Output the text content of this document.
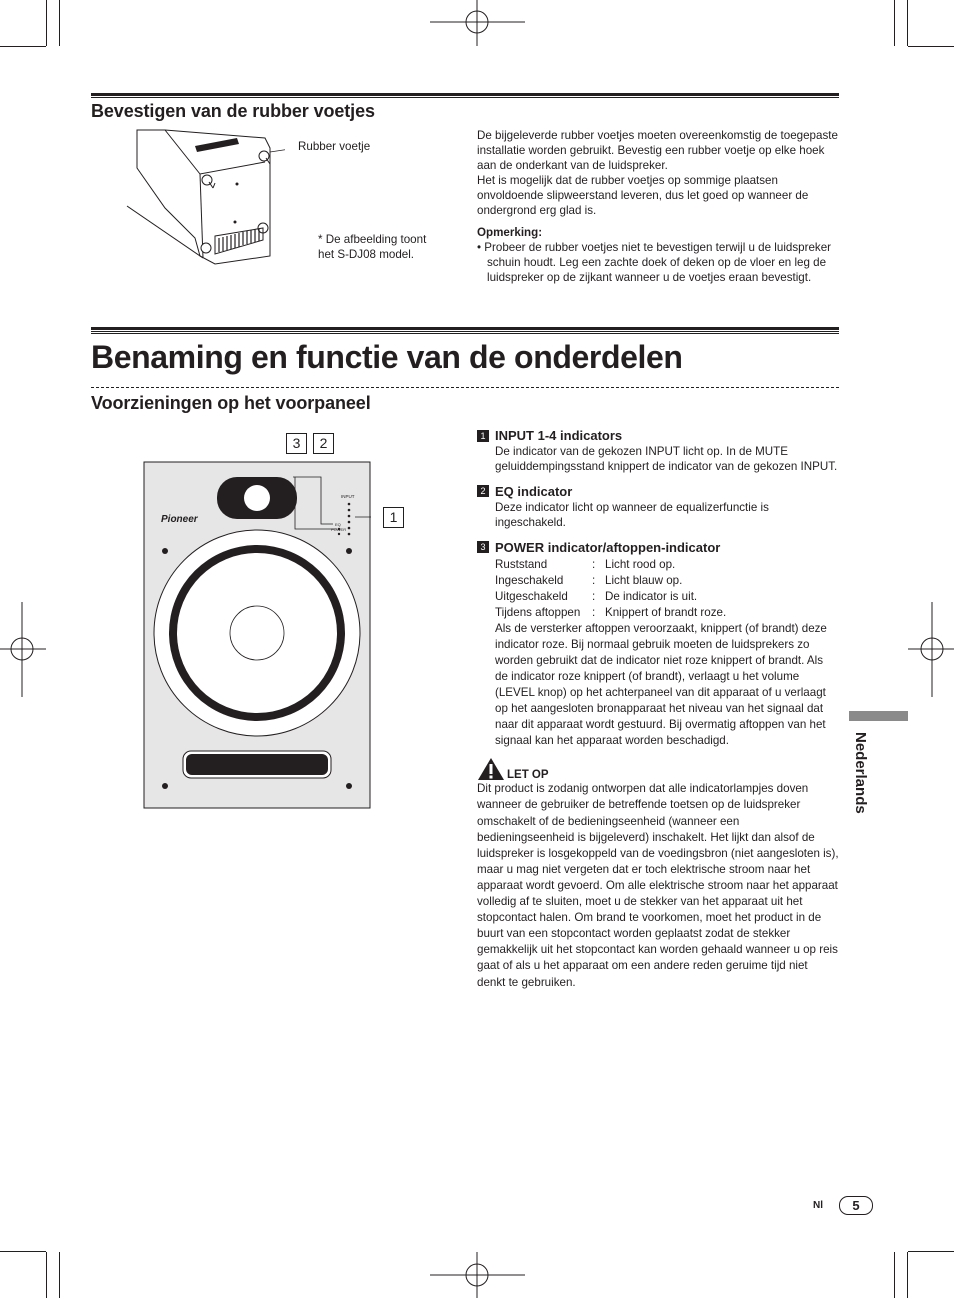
Bevestigen van de rubber voetjes
Rubber voetje
* De afbeelding toont
het S-DJ08 model.

De bijgeleverde rubber voetjes moeten overeenkomstig de toegepaste installatie worden gebruikt. Bevestig een rubber voetje op elke hoek aan de onderkant van de luidspreker.

Het is mogelijk dat de rubber voetjes op sommige plaatsen onvoldoende slipweerstand leveren, dus let goed op wanneer de ondergrond erg glad is.

Opmerking:

• Probeer de rubber voetjes niet te bevestigen terwijl u de luidspreker schuin houdt. Leg een zachte doek of deken op de vloer en leg de luidspreker op de zijkant wanneer u de voetjes eraan bevestigt.

Benaming en functie van de onderdelen
Voorzieningen op het voorpaneel
Pioneer
INPUT
EQ
POWER
3	2
1
1 INPUT 1-4 indicators
De indicator van de gekozen INPUT licht op. In de MUTE geluiddempingsstand knippert de indicator van de gekozen INPUT.
2 EQ indicator
Deze indicator licht op wanneer de equalizerfunctie is ingeschakeld.
3 POWER indicator/aftoppen-indicator
Ruststand	: Licht rood op.
Ingeschakeld	: Licht blauw op.
Uitgeschakeld	: De indicator is uit.
Tijdens aftoppen	: Knippert of brandt roze.
Als de versterker aftoppen veroorzaakt, knippert (of brandt) deze indicator roze. Bij normaal gebruik moeten de luidsprekers zo worden gebruikt dat de indicator niet roze knippert of brandt. Als de indicator roze knippert (of brandt), verlaagt u het volume (LEVEL knop) op het achterpaneel van dit apparaat of u verlaagt op het aangesloten bronapparaat het niveau van het signaal dat naar dit apparaat wordt gestuurd. Bij overmatig aftoppen van het signaal kan het apparaat worden beschadigd.
LET OP
Dit product is zodanig ontworpen dat alle indicatorlampjes doven wanneer de gebruiker de betreffende toetsen op de luidspreker omschakelt of de bedieningseenheid (wanneer een bedieningseenheid is bijgeleverd) inschakelt. Het lijkt dan alsof de luidspreker is losgekoppeld van de voedingsbron (niet aangesloten is), maar u mag niet vergeten dat er toch elektrische stroom naar het apparaat wordt gevoerd. Om alle elektrische stroom naar het apparaat volledig af te sluiten, moet u de stekker van het apparaat uit het stopcontact halen. Om brand te voorkomen, moet het product in de buurt van een stopcontact worden geplaatst zodat de stekker gemakkelijk uit het stopcontact kan worden gehaald wanneer u op reis gaat of als u het apparaat om een andere reden geruime tijd niet denkt te gebruiken.
Nederlands
Nl	5
